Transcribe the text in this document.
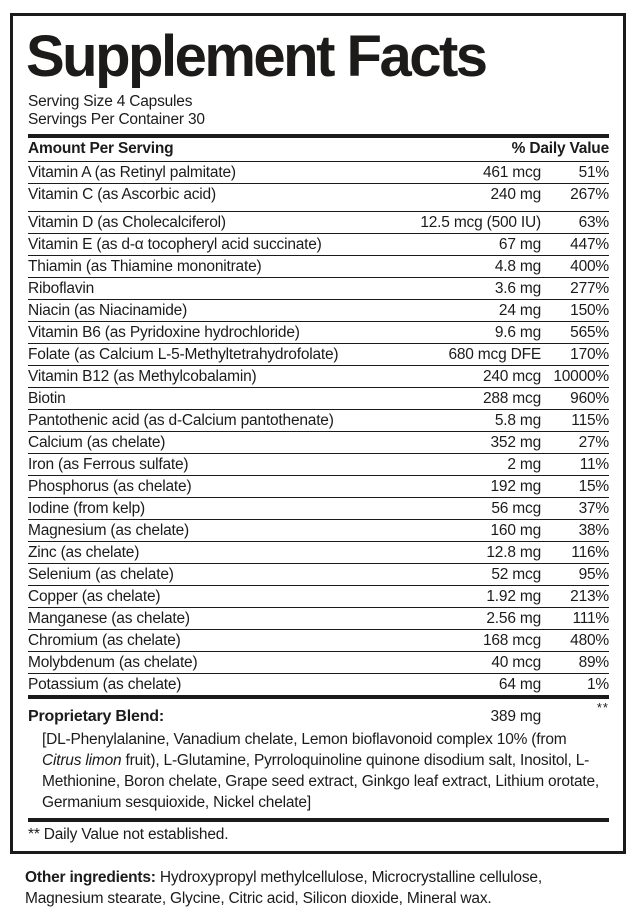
Supplement Facts
Serving Size 4 Capsules
Servings Per Container 30
Amount Per Serving	% Daily Value
Vitamin A (as Retinyl palmitate)	461 mcg	51%
Vitamin C (as Ascorbic acid)	240 mg	267%
Vitamin D (as Cholecalciferol)	12.5 mcg (500 IU)	63%
Vitamin E (as d-α tocopheryl acid succinate)	67 mg	447%
Thiamin (as Thiamine mononitrate)	4.8 mg	400%
Riboflavin	3.6 mg	277%
Niacin (as Niacinamide)	24 mg	150%
Vitamin B6 (as Pyridoxine hydrochloride)	9.6 mg	565%
Folate (as Calcium L-5-Methyltetrahydrofolate)	680 mcg DFE	170%
Vitamin B12 (as Methylcobalamin)	240 mcg 10000%
Biotin	288 mcg	960%
Pantothenic acid (as d-Calcium pantothenate)	5.8 mg	115%
Calcium (as chelate)	352 mg	27%
Iron (as Ferrous sulfate)	2 mg	11%
Phosphorus (as chelate)	192 mg	15%
Iodine (from kelp)	56 mcg	37%
Magnesium (as chelate)	160 mg	38%
Zinc (as chelate)	12.8 mg	116%
Selenium (as chelate)	52 mcg	95%
Copper (as chelate)	1.92 mg	213%
Manganese (as chelate)	2.56 mg	111%
Chromium (as chelate)	168 mcg	480%
Molybdenum (as chelate)	40 mcg	89%
Potassium (as chelate)	64 mg	1%
Proprietary Blend:	389 mg
**
[DL-Phenylalanine, Vanadium chelate, Lemon bioflavonoid complex 10% (from Citrus limon fruit), L-Glutamine, Pyrroloquinoline quinone disodium salt, Inositol, L-Methionine, Boron chelate, Grape seed extract, Ginkgo leaf extract, Lithium orotate, Germanium sesquioxide, Nickel chelate]
** Daily Value not established.
Other ingredients: Hydroxypropyl methylcellulose, Microcrystalline cellulose, Magnesium stearate, Glycine, Citric acid, Silicon dioxide, Mineral wax.
